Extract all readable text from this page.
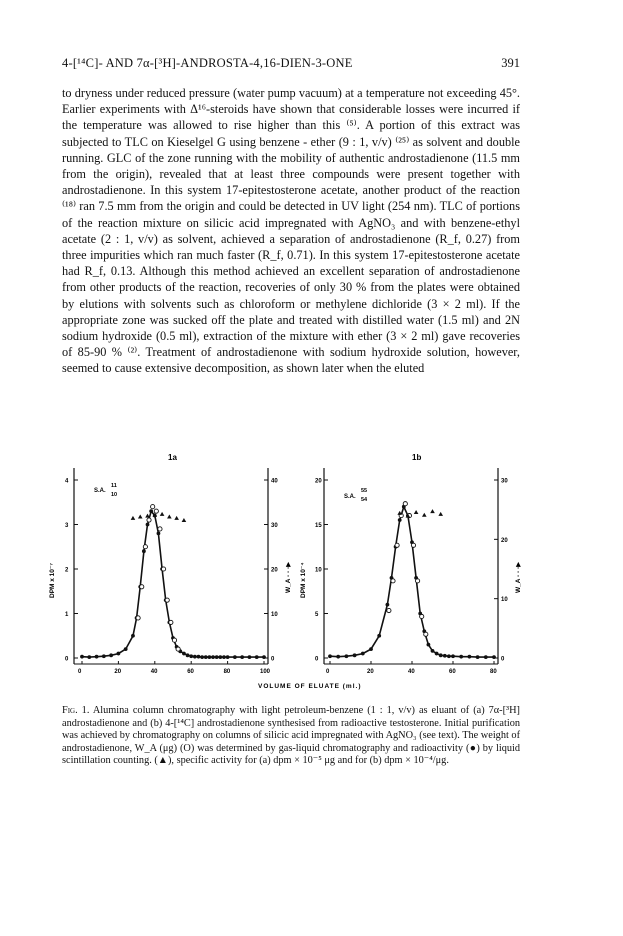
4-[¹⁴C]- AND 7α-[³H]-ANDROSTA-4,16-DIEN-3-ONE	391

to dryness under reduced pressure (water pump vacuum) at a temperature not exceeding 45°. Earlier experiments with Δ¹⁶-steroids have shown that considerable losses were incurred if the temperature was allowed to rise higher than this ⁽⁵⁾. A portion of this extract was subjected to TLC on Kieselgel G using benzene - ether (9 : 1, v/v) ⁽²⁵⁾ as solvent and double running. GLC of the zone running with the mobility of authentic androstadienone (11.5 mm from the origin), revealed that at least three compounds were present together with androstadienone. In this system 17-epitestosterone acetate, another product of the reaction ⁽¹⁸⁾ ran 7.5 mm from the origin and could be detected in UV light (254 nm). TLC of portions of the reaction mixture on silicic acid impregnated with AgNO₃ and with benzene-ethyl acetate (2 : 1, v/v) as solvent, achieved a separation of androstadienone (R_f, 0.27) from three impurities which ran much faster (R_f, 0.71). In this system 17-epitestosterone acetate had R_f, 0.13. Although this method achieved an excellent separation of androstadienone from other products of the reaction, recoveries of only 30 % from the plates were obtained by elutions with solvents such as chloroform or methylene dichloride (3 × 2 ml). If the appropriate zone was sucked off the plate and treated with distilled water (1.5 ml) and 2N sodium hydroxide (0.5 ml), extraction of the mixture with ether (3 × 2 ml) gave recoveries of 85-90 % ⁽²⁾. Treatment of androstadienone with sodium hydroxide solution, however, seemed to cause extensive decomposition, as shown later when the eluted

1a
S.A.
11
10
DPM x 10⁻⁷	W_A - - -▶
0
1
2
3
4
0
10
20
30
40
0	20	40	60	80	100
1b
S.A.
55
54
DPM x 10⁻⁴	W_A - - -▶
0
5
10
15
20
0
10
20
30
0	20	40	60	80
VOLUME OF ELUATE (ml.)
Fig. 1. Alumina column chromatography with light petroleum-benzene (1 : 1, v/v) as eluant of (a) 7α-[³H] androstadienone and (b) 4-[¹⁴C] androstadienone synthesised from radioactive testosterone. Initial purification was achieved by chromatography on columns of silicic acid impregnated with AgNO₃ (see text). The weight of androstadienone, W_A (μg) (O) was determined by gas-liquid chromatography and radioactivity (●) by liquid scintillation counting. (▲), specific activity for (a) dpm × 10⁻⁵ μg and for (b) dpm × 10⁻⁴/μg.
